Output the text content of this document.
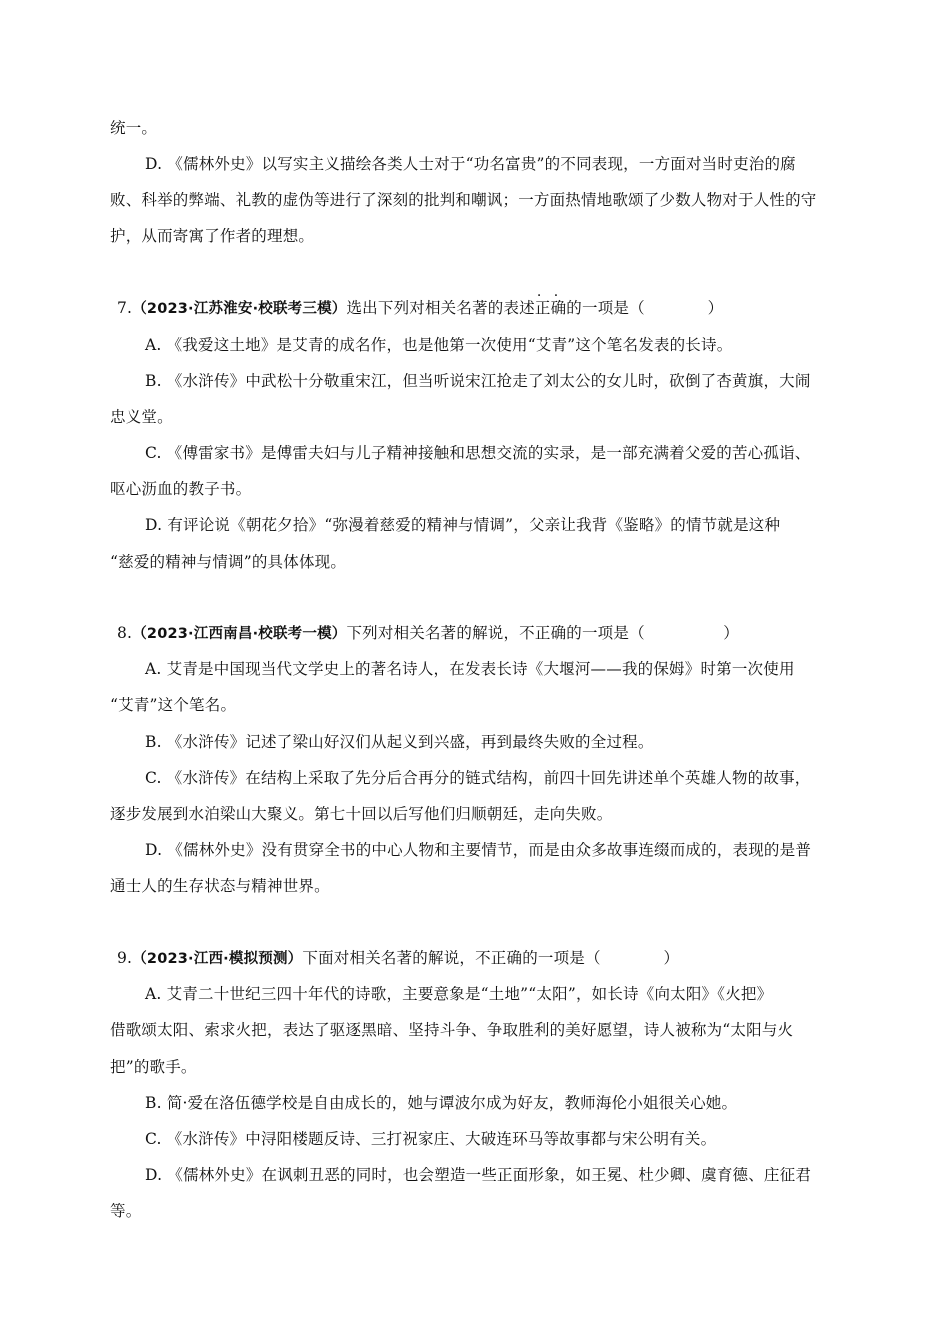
统一。
D. 《儒林外史》以写实主义描绘各类人士对于“功名富贵”的不同表现，一方面对当时吏治的腐
败、科举的弊端、礼教的虚伪等进行了深刻的批判和嘲讽；一方面热情地歌颂了少数人物对于人性的守
护，从而寄寓了作者的理想。
7.（2023·江苏淮安·校联考三模）选出下列对相关名著的表述· · 正确的一项是（　　　　）
A. 《我爱这土地》是艾青的成名作，也是他第一次使用“艾青”这个笔名发表的长诗。
B. 《水浒传》中武松十分敬重宋江，但当听说宋江抢走了刘太公的女儿时，砍倒了杏黄旗，大闹
忠义堂。
C. 《傅雷家书》是傅雷夫妇与儿子精神接触和思想交流的实录，是一部充满着父爱的苦心孤诣、
呕心沥血的教子书。
D. 有评论说《朝花夕拾》“弥漫着慈爱的精神与情调”，父亲让我背《鉴略》的情节就是这种
“慈爱的精神与情调”的具体体现。
8.（2023·江西南昌·校联考一模）下列对相关名著的解说，不正确的一项是（　　　　　）
A. 艾青是中国现当代文学史上的著名诗人，在发表长诗《大堰河——我的保姆》时第一次使用
“艾青”这个笔名。
B. 《水浒传》记述了梁山好汉们从起义到兴盛，再到最终失败的全过程。
C. 《水浒传》在结构上采取了先分后合再分的链式结构，前四十回先讲述单个英雄人物的故事，
逐步发展到水泊梁山大聚义。第七十回以后写他们归顺朝廷，走向失败。
D. 《儒林外史》没有贯穿全书的中心人物和主要情节，而是由众多故事连缀而成的，表现的是普
通士人的生存状态与精神世界。
9.（2023·江西·模拟预测）下面对相关名著的解说，不正确的一项是（　　　　）
A. 艾青二十世纪三四十年代的诗歌，主要意象是“土地”“太阳”，如长诗《向太阳》《火把》
借歌颂太阳、索求火把，表达了驱逐黑暗、坚持斗争、争取胜利的美好愿望，诗人被称为“太阳与火
把”的歌手。
B. 简·爱在洛伍德学校是自由成长的，她与谭波尔成为好友，教师海伦小姐很关心她。
C. 《水浒传》中浔阳楼题反诗、三打祝家庄、大破连环马等故事都与宋公明有关。
D. 《儒林外史》在讽刺丑恶的同时，也会塑造一些正面形象，如王冕、杜少卿、虞育德、庄征君
等。
